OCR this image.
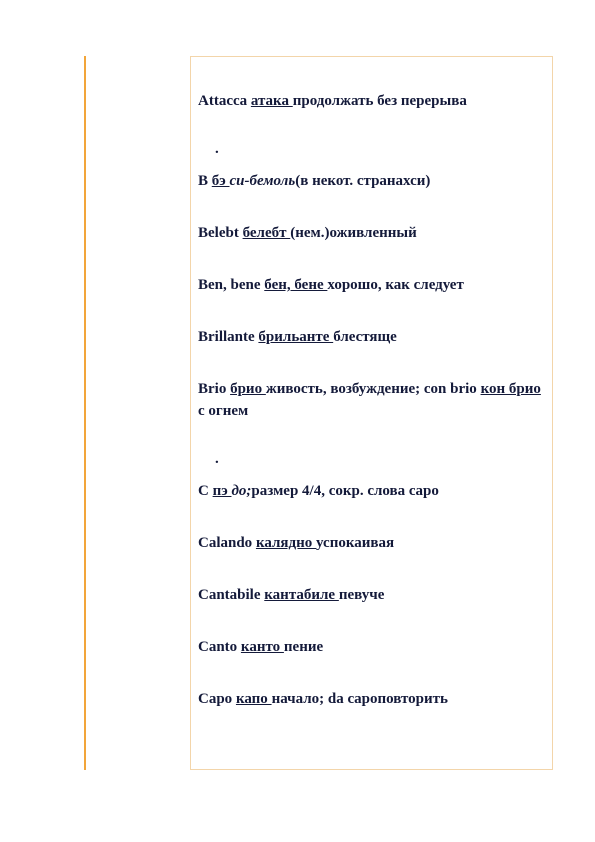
Attacca атака продолжать без перерыва
.
В бэ си-бемоль(в некот. странахси)
Belebt белебт (нем.)оживленный
Ben, bene бен, бене хорошо, как следует
Brillante брильанте блестяще
Brio брио живость, возбуждение; con brio кон брио с огнем
.
С пэ до;размер 4/4, сокр. слова capo
Calando калядно успокаивая
Cantabile кантабиле певуче
Canto канто пение
Capo капо начало; da capoповторить
